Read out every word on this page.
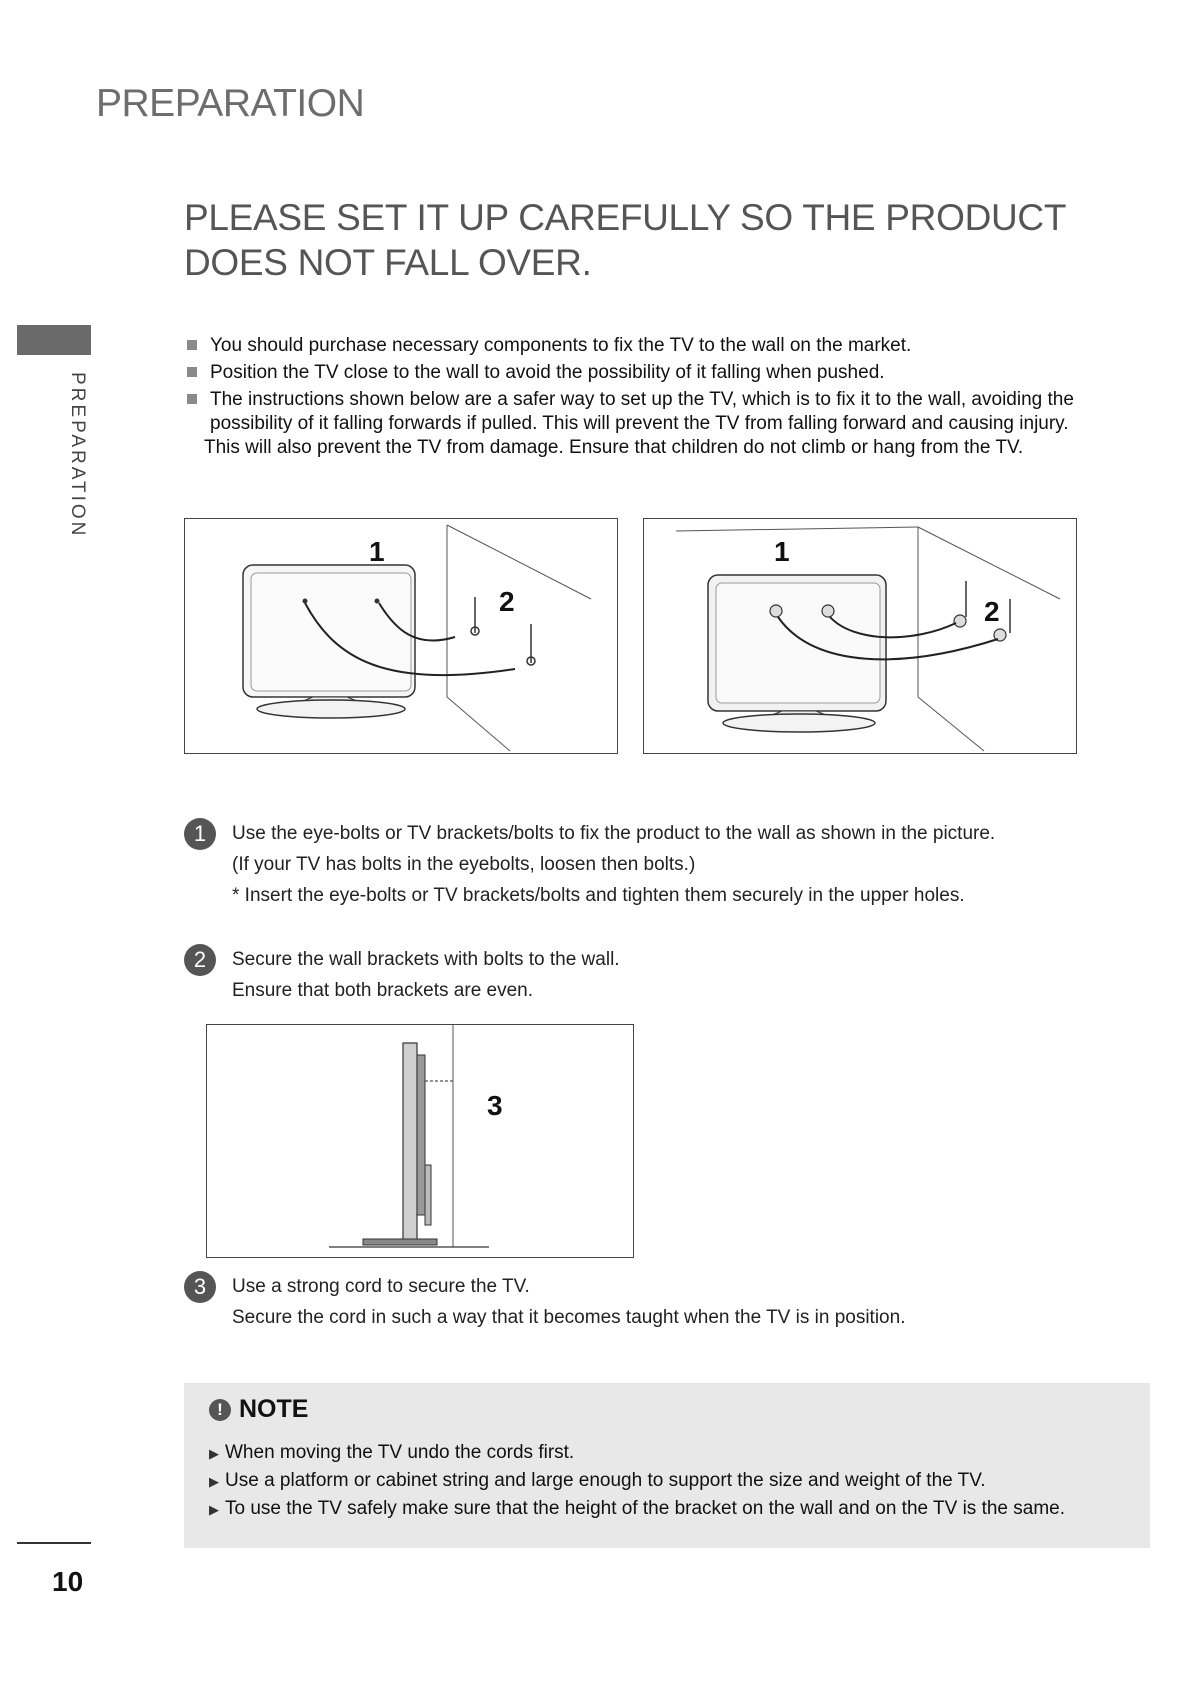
PREPARATION
PREPARATION
PLEASE SET IT UP CAREFULLY SO THE PRODUCT DOES NOT FALL OVER.
You should purchase necessary components to fix the TV to the wall on the market.
Position the TV close to the wall to avoid the possibility of it falling when pushed.
The instructions shown below are a safer way to set up the TV, which is to fix it to the wall, avoiding the possibility of it falling forwards if pulled. This will prevent the TV from falling forward and causing injury.
This will also prevent the TV from damage. Ensure that children do not climb or hang from the TV.
1
2
1
2
1	Use the eye-bolts or TV brackets/bolts to fix the product to the wall as shown in the picture.
(If your TV has bolts in the eyebolts, loosen then bolts.)
* Insert the eye-bolts or TV brackets/bolts and tighten them securely in the upper holes.
2	Secure the wall brackets with bolts to the wall.
Ensure that both brackets are even.
3
3	Use a strong cord to secure the TV.
Secure the cord in such a way that it becomes taught when the TV is in position.
! NOTE
▶ When moving the TV undo the cords first.
▶ Use a platform or cabinet string and large enough to support the size and weight of the TV.
▶ To use the TV safely make sure that the height of the bracket on the wall and on the TV is the same.
10
